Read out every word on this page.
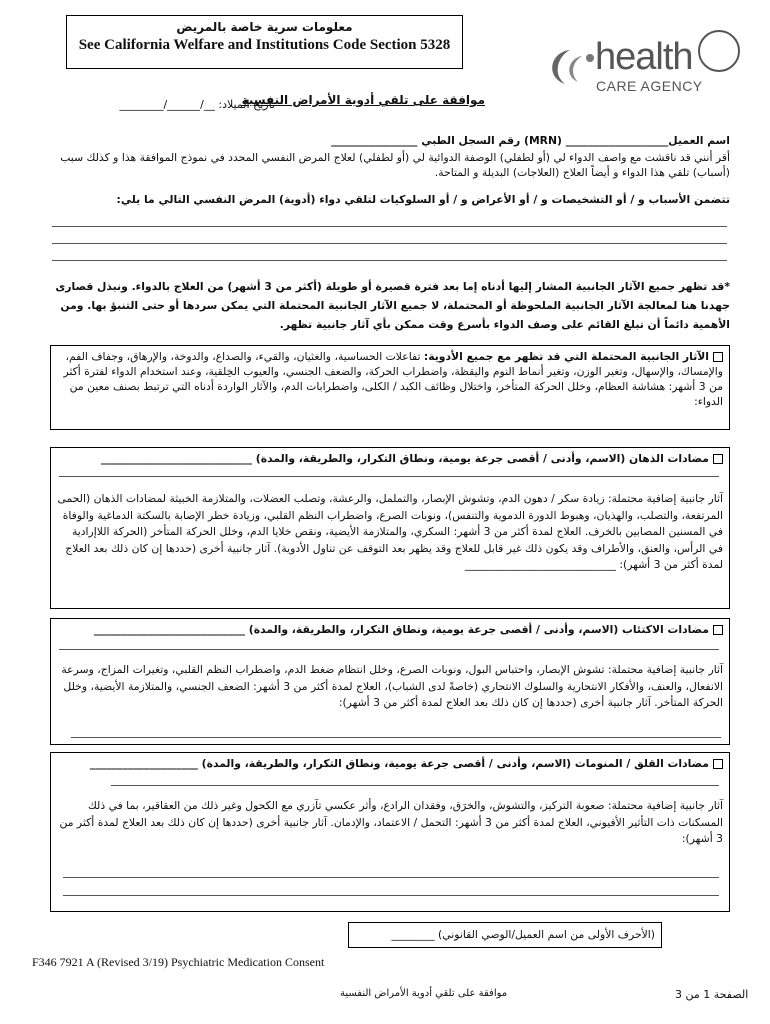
معلومات سرية خاصة بالمريض
See California Welfare and Institutions Code Section 5328	health
CARE AGENCY
موافقة على تلقي أدوية الأمراض النفسية
تاريخ الميلاد: __/______/________
اسم العميل___________________ (MRN) رقم السجل الطبي ________________
أقر أنني قد ناقشت مع واصف الدواء لي (أو لطفلي) الوصفة الدوائية لي (أو لطفلي) لعلاج المرض النفسي المحدد في نموذج الموافقة هذا و كذلك سبب (أسباب) تلقي هذا الدواء و أيضاً العلاج (العلاجات) البديلة و المتاحة.
تتضمن الأسباب و / أو التشخيصات و / أو الأعراض و / أو السلوكيات لتلقي دواء (أدوية) المرض النفسي التالي ما يلي:
*قد تظهر جميع الآثار الجانبية المشار إليها أدناه إما بعد فترة قصيرة أو طويلة (أكثر من 3 أشهر) من العلاج بالدواء. ونبذل قصارى جهدنا هنا لمعالجة الآثار الجانبية الملحوظة أو المحتملة، لا جميع الآثار الجانبية المحتملة التي يمكن سردها أو حتى التنبؤ بها. ومن الأهمية دائماً أن تبلغ القائم على وصف الدواء بأسرع وقت ممكن بأي آثار جانبية تظهر.
الآثار الجانبية المحتملة التي قد تظهر مع جميع الأدوية: تفاعلات الحساسية، والغثيان، والقيء، والصداع، والدوخة، والإرهاق، وجفاف الفم، والإمساك، والإسهال، وتغير الوزن، وتغير أنماط النوم واليقظة، واضطراب الحركة، والضعف الجنسي، والعيوب الخِلقية، وعند استخدام الدواء لفترة أكثر من 3 أشهر: هشاشة العظام، وخلل الحركة المتأخر، واختلال وظائف الكبد / الكلى، واضطرابات الدم، والآثار الواردة أدناه التي ترتبط بصنف معين من الدواء:
مضادات الذهان (الاسم، وأدنى / أقصى جرعة يومية، ونطاق التكرار، والطريقة، والمدة) ____________________________
آثار جانبية إضافية محتملة: زيادة سكر / دهون الدم، وتشوش الإبصار، والتململ، والرعشة، وتصلب العضلات، والمتلازمة الخبيثة لمضادات الذهان (الحمى المرتفعة، والتصلب، والهذيان، وهبوط الدورة الدموية والتنفس)، ونوبات الصرع، واضطراب النظم القلبي، وزيادة خطر الإصابة بالسكتة الدماغية والوفاة في المسنين المصابين بالخرف. العلاج لمدة أكثر من 3 أشهر: السكري، والمتلازمة الأيضية، ونقص خلايا الدم، وخلل الحركة المتأخر (الحركة اللاإرادية في الرأس، والعنق، والأطراف وقد يكون ذلك غير قابل للعلاج وقد يظهر بعد التوقف عن تناول الأدوية). آثار جانبية أخرى (حددها إن كان ذلك بعد العلاج لمدة أكثر من 3 أشهر): ____________________________
مضادات الاكتئاب (الاسم، وأدنى / أقصى جرعة يومية، ونطاق التكرار، والطريقة، والمدة) ____________________________
آثار جانبية إضافية محتملة: تشوش الإبصار، واحتباس البول، ونوبات الصرع، وخلل انتظام ضغط الدم، واضطراب النظم القلبي، وتغيرات المزاج، وسرعة الانفعال، والعنف، والأفكار الانتحارية والسلوك الانتحاري (خاصةً لدى الشباب)، العلاج لمدة أكثر من 3 أشهر: الضعف الجنسي، والمتلازمة الأيضية، وخلل الحركة المتأخر. آثار جانبية أخرى (حددها إن كان ذلك بعد العلاج لمدة أكثر من 3 أشهر):
مضادات القلق / المنومات (الاسم، وأدنى / أقصى جرعة يومية، ونطاق التكرار، والطريقة، والمدة) ____________________
آثار جانبية إضافية محتملة: صعوبة التركيز، والتشوش، والخرَق، وفقدان الرادع، وأثر عكسي تآزري مع الكحول وغير ذلك من العقاقير، بما في ذلك المسكنات ذات التأثير الأفيوني، العلاج لمدة أكثر من 3 أشهر: التحمل / الاعتماد، والإدمان. آثار جانبية أخرى (حددها إن كان ذلك بعد العلاج لمدة أكثر من 3 أشهر):
(الأحرف الأولى من اسم العميل/الوصي القانوني) ________
F346 7921 A (Revised 3/19) Psychiatric Medication Consent
موافقة على تلقي أدوية الأمراض النفسية	الصفحة 1 من 3
